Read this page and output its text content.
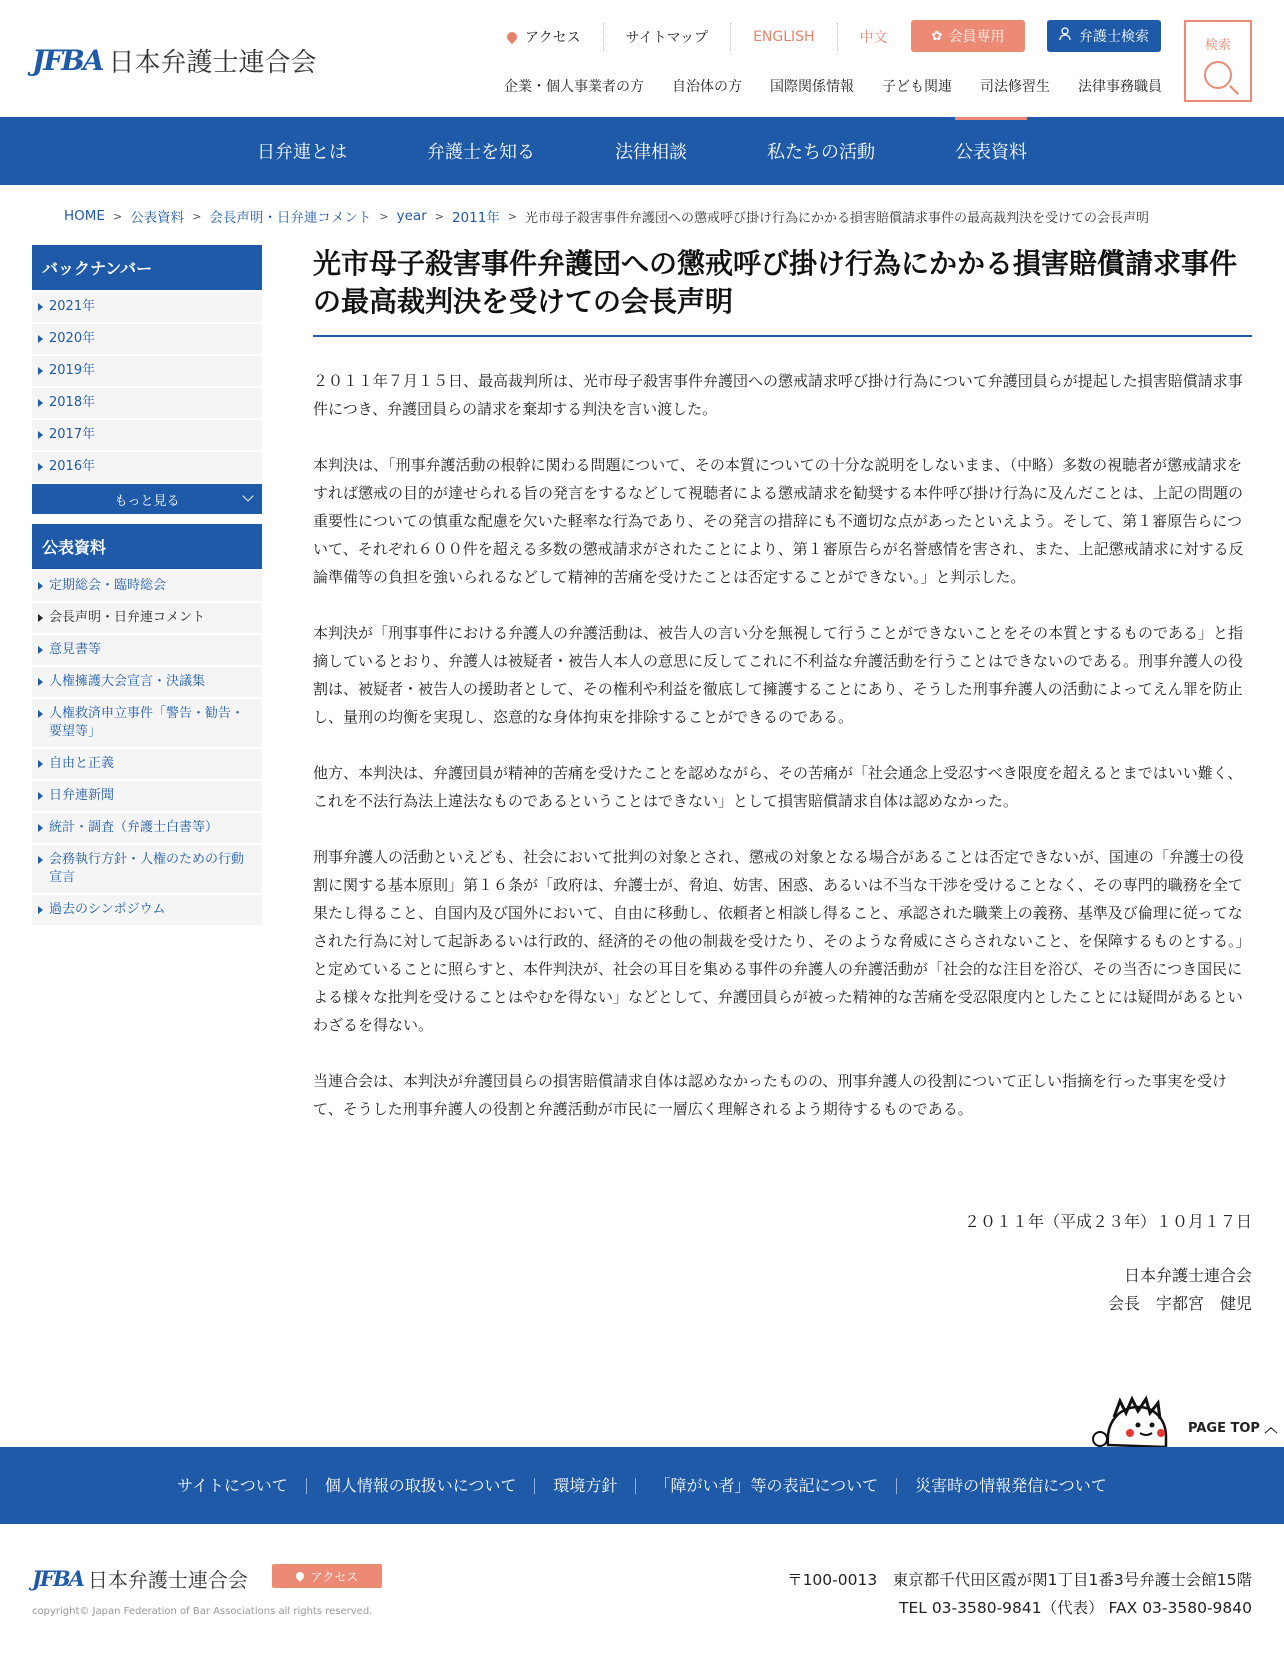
JFBA 日本弁護士連合会
アクセス	サイトマップ	ENGLISH	中文	✿ 会員専用	弁護士検索
企業・個人事業者の方 自治体の方 国際関係情報 子ども関連 司法修習生 法律事務職員
検索
日弁連とは	弁護士を知る	法律相談	私たちの活動	公表資料
HOME > 公表資料 > 会長声明・日弁連コメント > year > 2011年 > 光市母子殺害事件弁護団への懲戒呼び掛け行為にかかる損害賠償請求事件の最高裁判決を受けての会長声明
バックナンバー
2021年
2020年
2019年
2018年
2017年
2016年
もっと見る
公表資料
定期総会・臨時総会
会長声明・日弁連コメント
意見書等
人権擁護大会宣言・決議集
人権救済申立事件「警告・勧告・要望等」
自由と正義
日弁連新聞
統計・調査（弁護士白書等）
会務執行方針・人権のための行動宣言
過去のシンポジウム
光市母子殺害事件弁護団への懲戒呼び掛け行為にかかる損害賠償請求事件の最高裁判決を受けての会長声明

２０１１年７月１５日、最高裁判所は、光市母子殺害事件弁護団への懲戒請求呼び掛け行為について弁護団員らが提起した損害賠償請求事件につき、弁護団員らの請求を棄却する判決を言い渡した。

本判決は、「刑事弁護活動の根幹に関わる問題について、その本質についての十分な説明をしないまま、（中略）多数の視聴者が懲戒請求をすれば懲戒の目的が達せられる旨の発言をするなどして視聴者による懲戒請求を勧奨する本件呼び掛け行為に及んだことは、上記の問題の重要性についての慎重な配慮を欠いた軽率な行為であり、その発言の措辞にも不適切な点があったといえよう。そして、第１審原告らについて、それぞれ６００件を超える多数の懲戒請求がされたことにより、第１審原告らが名誉感情を害され、また、上記懲戒請求に対する反論準備等の負担を強いられるなどして精神的苦痛を受けたことは否定することができない。」と判示した。

本判決が「刑事事件における弁護人の弁護活動は、被告人の言い分を無視して行うことができないことをその本質とするものである」と指摘しているとおり、弁護人は被疑者・被告人本人の意思に反してこれに不利益な弁護活動を行うことはできないのである。刑事弁護人の役割は、被疑者・被告人の援助者として、その権利や利益を徹底して擁護することにあり、そうした刑事弁護人の活動によってえん罪を防止し、量刑の均衡を実現し、恣意的な身体拘束を排除することができるのである。

他方、本判決は、弁護団員が精神的苦痛を受けたことを認めながら、その苦痛が「社会通念上受忍すべき限度を超えるとまではいい難く、これを不法行為法上違法なものであるということはできない」として損害賠償請求自体は認めなかった。

刑事弁護人の活動といえども、社会において批判の対象とされ、懲戒の対象となる場合があることは否定できないが、国連の「弁護士の役割に関する基本原則」第１６条が「政府は、弁護士が、脅迫、妨害、困惑、あるいは不当な干渉を受けることなく、その専門的職務を全て果たし得ること、自国内及び国外において、自由に移動し、依頼者と相談し得ること、承認された職業上の義務、基準及び倫理に従ってなされた行為に対して起訴あるいは行政的、経済的その他の制裁を受けたり、そのような脅威にさらされないこと、を保障するものとする。」と定めていることに照らすと、本件判決が、社会の耳目を集める事件の弁護人の弁護活動が「社会的な注目を浴び、その当否につき国民による様々な批判を受けることはやむを得ない」などとして、弁護団員らが被った精神的な苦痛を受忍限度内としたことには疑問があるといわざるを得ない。

当連合会は、本判決が弁護団員らの損害賠償請求自体は認めなかったものの、刑事弁護人の役割について正しい指摘を行った事実を受けて、そうした刑事弁護人の役割と弁護活動が市民に一層広く理解されるよう期待するものである。

２０１１年（平成２３年）１０月１７日

日本弁護士連合会

会長　宇都宮　健児

PAGE TOP ︿
サイトについて	個人情報の取扱いについて	環境方針	「障がい者」等の表記について	災害時の情報発信について
JFBA 日本弁護士連合会	アクセス
copyright© Japan Federation of Bar Associations all rights reserved.
〒100-0013　東京都千代田区霞が関1丁目1番3号弁護士会館15階
TEL 03-3580-9841（代表） FAX 03-3580-9840
